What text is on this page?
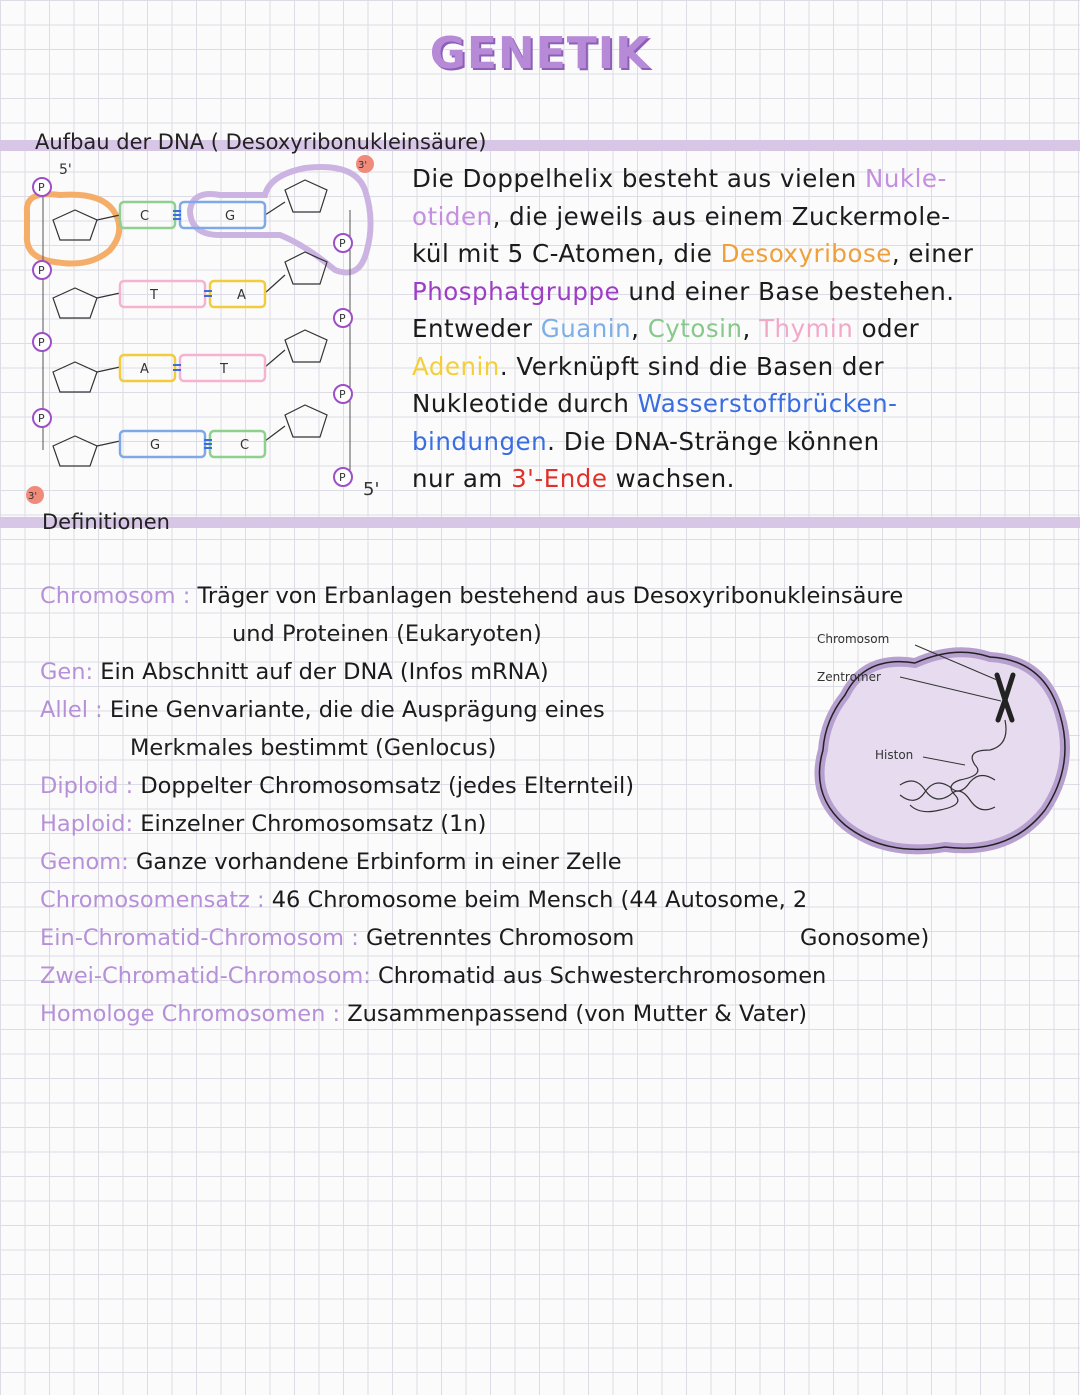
GENETIK
Aufbau der DNA ( Desoxyribonukleinsäure)
C	G
T	A
A	T
G	C
P
P
P
P
P
P
P
P
3'
3'
5'
5'
Die Doppelhelix besteht aus vielen Nukle-
otiden, die jeweils aus einem Zuckermole-
kül mit 5 C-Atomen, die Desoxyribose, einer
Phosphatgruppe und einer Base bestehen.
Entweder Guanin, Cytosin, Thymin oder
Adenin. Verknüpft sind die Basen der
Nukleotide durch Wasserstoffbrücken-
bindungen. Die DNA-Stränge können
nur am 3'-Ende wachsen.
Definitionen
Chromosom : Träger von Erbanlagen bestehend aus Desoxyribonukleinsäure
und Proteinen (Eukaryoten)
Gen: Ein Abschnitt auf der DNA (Infos mRNA)
Allel : Eine Genvariante, die die Ausprägung eines
Merkmales bestimmt (Genlocus)
Diploid : Doppelter Chromosomsatz (jedes Elternteil)
Haploid: Einzelner Chromosomsatz (1n)
Genom: Ganze vorhandene Erbinform in einer Zelle
Chromosomensatz : 46 Chromosome beim Mensch (44 Autosome, 2
Ein-Chromatid-Chromosom : Getrenntes Chromosom	Gonosome)
Zwei-Chromatid-Chromosom: Chromatid aus Schwesterchromosomen
Homologe Chromosomen : Zusammenpassend (von Mutter & Vater)
Chromosom
Zentromer
Histon
